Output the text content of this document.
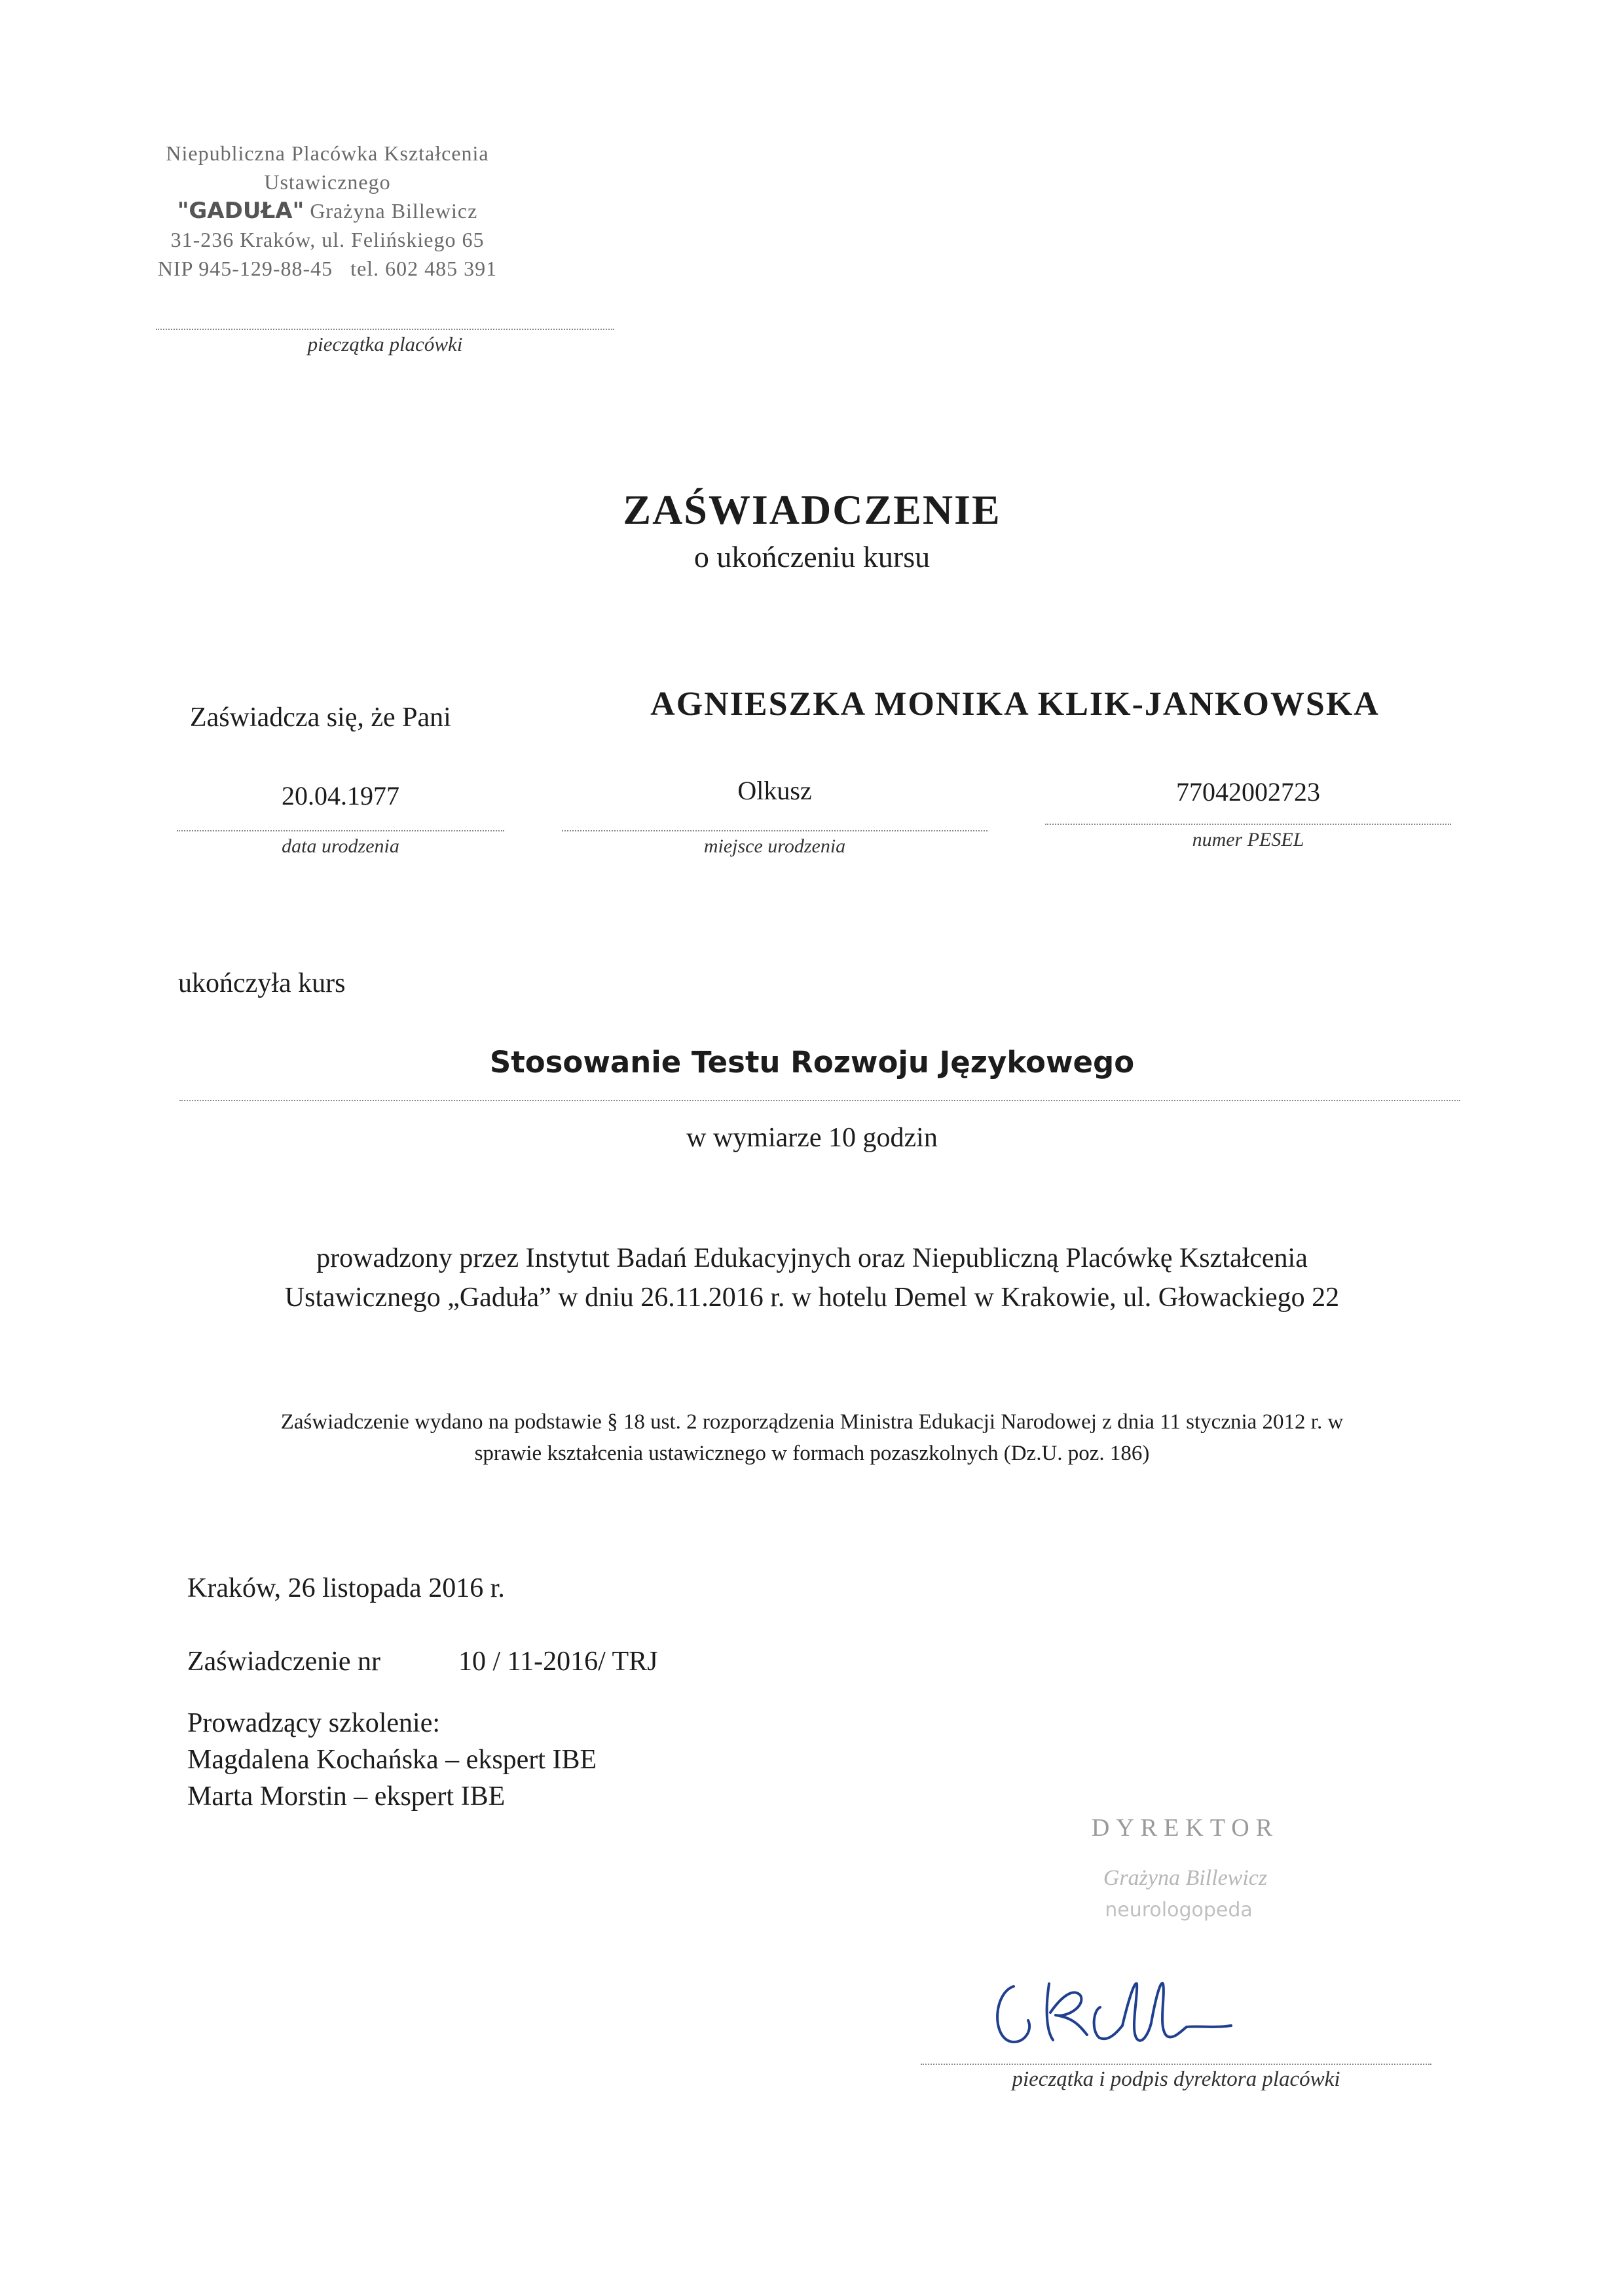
Niepubliczna Placówka Kształcenia
Ustawicznego
"GADUŁA" Grażyna Billewicz
31-236 Kraków, ul. Felińskiego 65
NIP 945-129-88-45 tel. 602 485 391
pieczątka placówki
ZAŚWIADCZENIE
o ukończeniu kursu
Zaświadcza się, że Pani	AGNIESZKA MONIKA KLIK-JANKOWSKA
20.04.1977
data urodzenia
Olkusz
miejsce urodzenia
77042002723
numer PESEL
ukończyła kurs
Stosowanie Testu Rozwoju Językowego
w wymiarze 10 godzin
prowadzony przez Instytut Badań Edukacyjnych oraz Niepubliczną Placówkę Kształcenia
Ustawicznego „Gaduła” w dniu 26.11.2016 r. w hotelu Demel w Krakowie, ul. Głowackiego 22
Zaświadczenie wydano na podstawie § 18 ust. 2 rozporządzenia Ministra Edukacji Narodowej z dnia 11 stycznia 2012 r. w
sprawie kształcenia ustawicznego w formach pozaszkolnych (Dz.U. poz. 186)
Kraków, 26 listopada 2016 r.
Zaświadczenie nr	10 / 11-2016/ TRJ
Prowadzący szkolenie:
Magdalena Kochańska – ekspert IBE
Marta Morstin – ekspert IBE
DYREKTOR
Grażyna Billewicz
neurologopeda
pieczątka i podpis dyrektora placówki
